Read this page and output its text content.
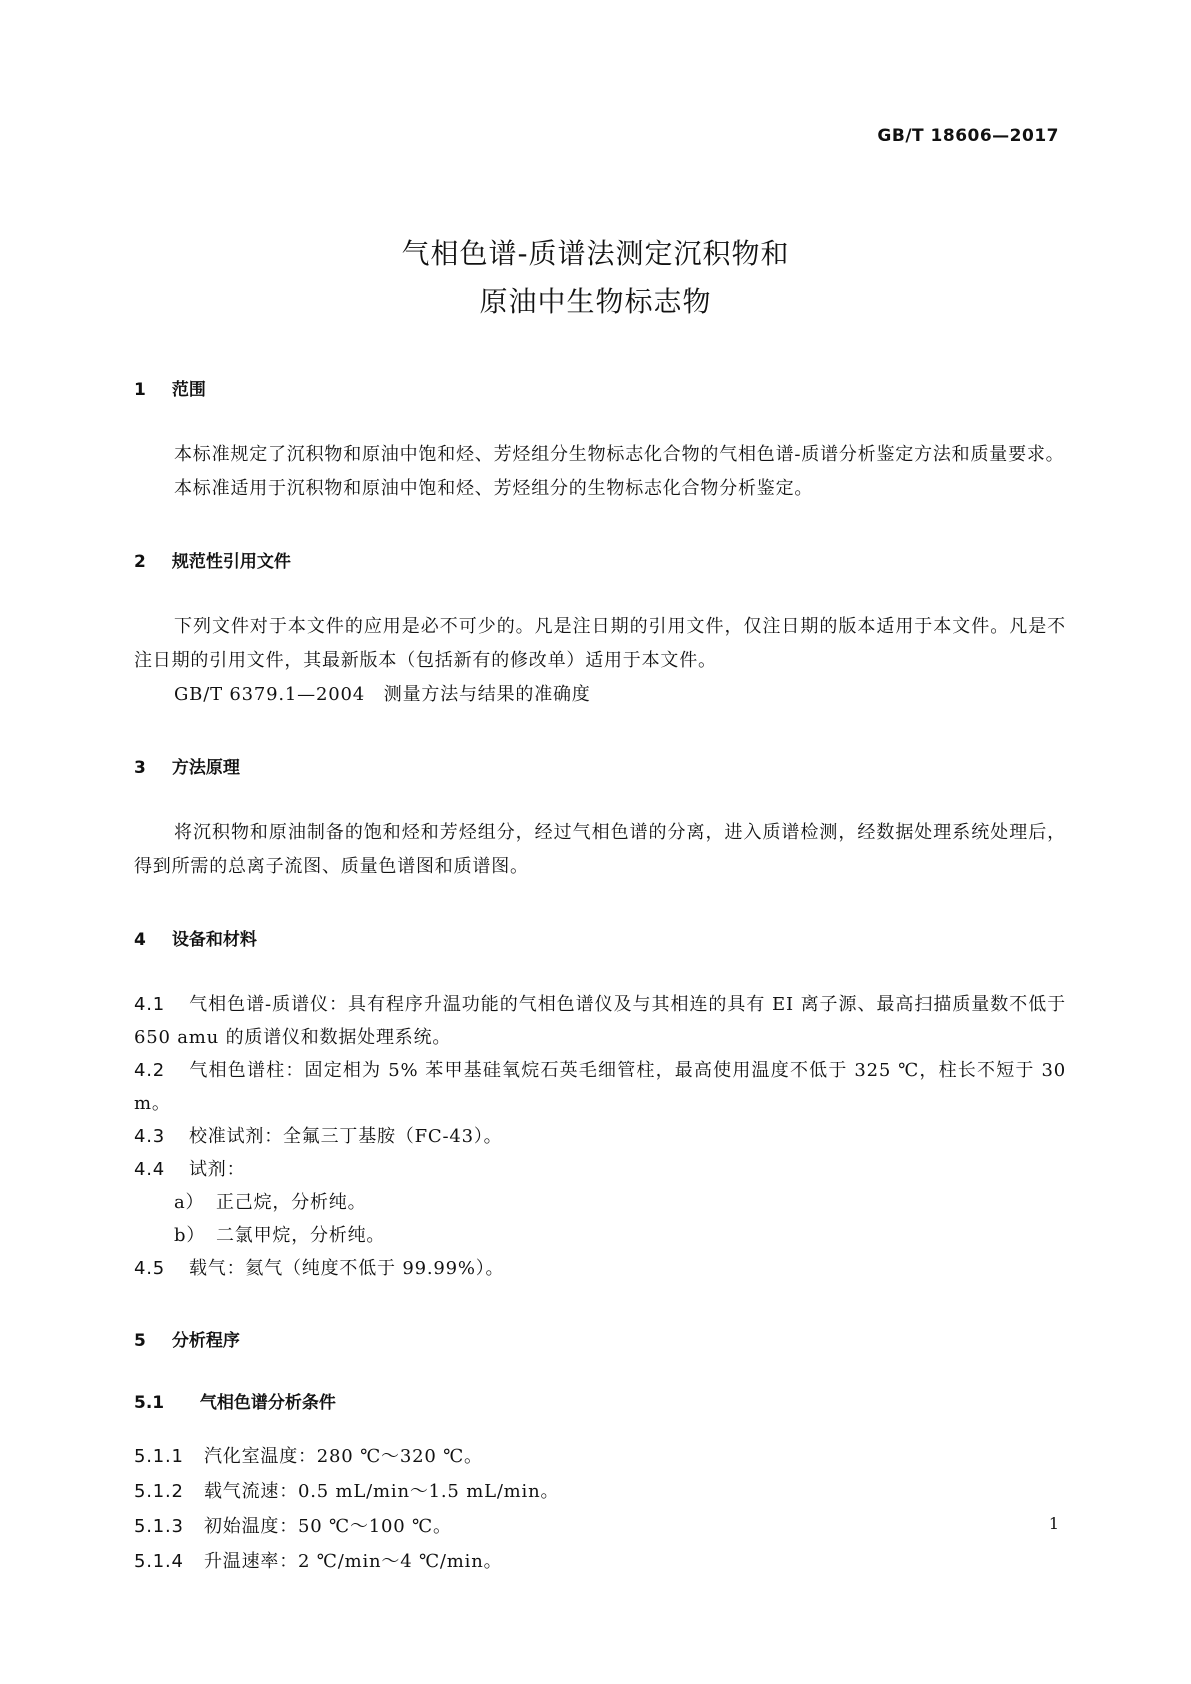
GB/T 18606—2017
气相色谱-质谱法测定沉积物和
原油中生物标志物
1 范围
本标准规定了沉积物和原油中饱和烃、芳烃组分生物标志化合物的气相色谱-质谱分析鉴定方法和质量要求。
本标准适用于沉积物和原油中饱和烃、芳烃组分的生物标志化合物分析鉴定。
2 规范性引用文件
下列文件对于本文件的应用是必不可少的。凡是注日期的引用文件，仅注日期的版本适用于本文件。凡是不注日期的引用文件，其最新版本（包括新有的修改单）适用于本文件。
GB/T 6379.1—2004　测量方法与结果的准确度
3 方法原理
将沉积物和原油制备的饱和烃和芳烃组分，经过气相色谱的分离，进入质谱检测，经数据处理系统处理后，得到所需的总离子流图、质量色谱图和质谱图。
4 设备和材料
4.1 气相色谱-质谱仪：具有程序升温功能的气相色谱仪及与其相连的具有 EI 离子源、最高扫描质量数不低于 650 amu 的质谱仪和数据处理系统。
4.2 气相色谱柱：固定相为 5% 苯甲基硅氧烷石英毛细管柱，最高使用温度不低于 325 ℃，柱长不短于 30 m。
4.3 校准试剂：全氟三丁基胺（FC-43）。
4.4 试剂：
a） 正己烷，分析纯。
b） 二氯甲烷，分析纯。
4.5 载气：氦气（纯度不低于 99.99%）。
5 分析程序
5.1 气相色谱分析条件
5.1.1 汽化室温度：280 ℃～320 ℃。
5.1.2 载气流速：0.5 mL/min～1.5 mL/min。
5.1.3 初始温度：50 ℃～100 ℃。
5.1.4 升温速率：2 ℃/min～4 ℃/min。
1
